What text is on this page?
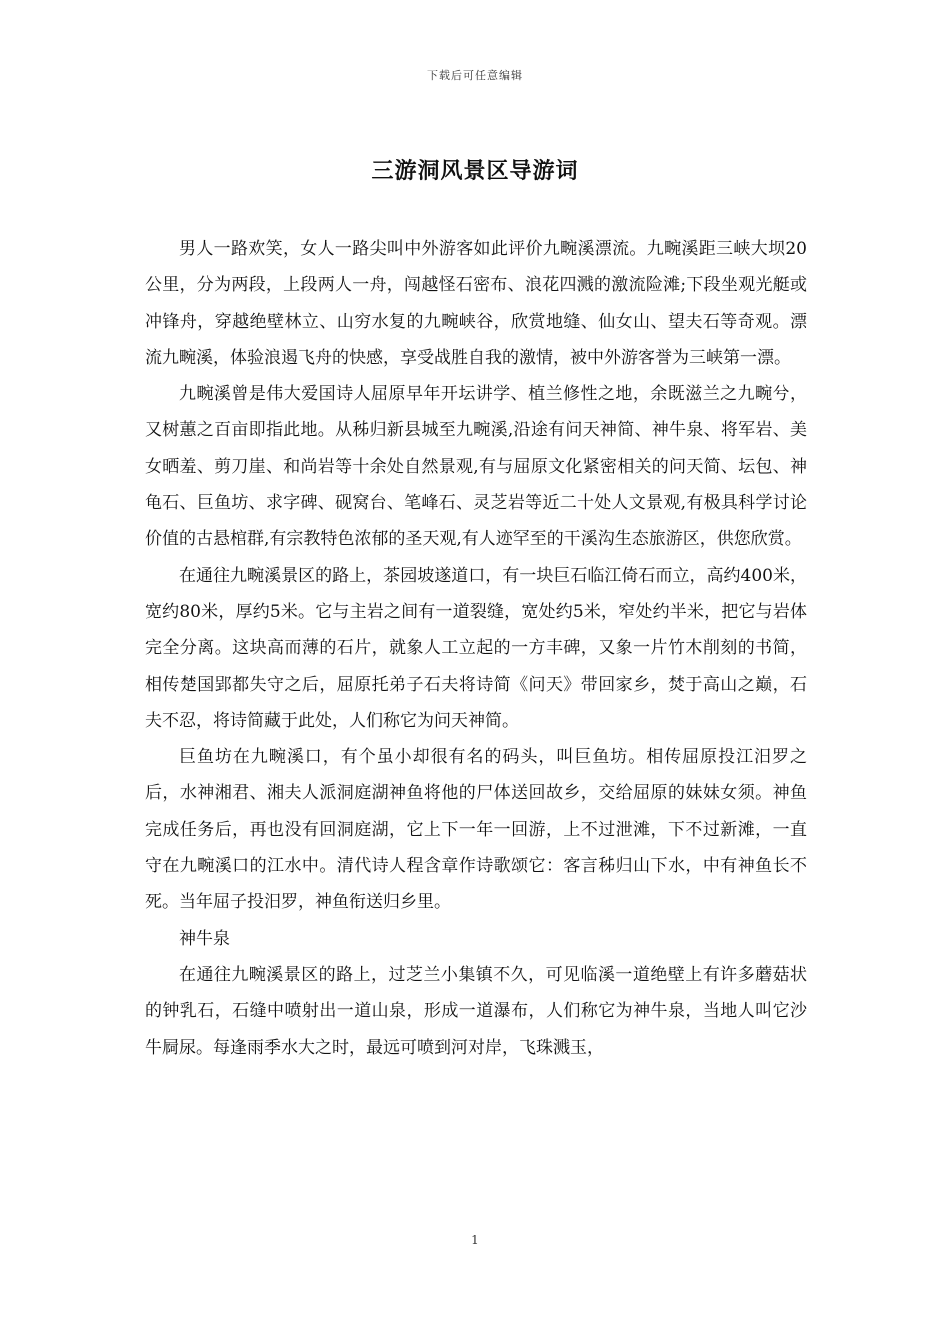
下载后可任意编辑
三游洞风景区导游词

男人一路欢笑，女人一路尖叫中外游客如此评价九畹溪漂流。九畹溪距三峡大坝20公里，分为两段，上段两人一舟，闯越怪石密布、浪花四溅的激流险滩;下段坐观光艇或冲锋舟，穿越绝壁林立、山穷水复的九畹峡谷，欣赏地缝、仙女山、望夫石等奇观。漂流九畹溪，体验浪遏飞舟的快感，享受战胜自我的激情，被中外游客誉为三峡第一漂。

九畹溪曾是伟大爱国诗人屈原早年开坛讲学、植兰修性之地，余既滋兰之九畹兮，又树蕙之百亩即指此地。从秭归新县城至九畹溪,沿途有问天神简、神牛泉、将军岩、美女晒羞、剪刀崖、和尚岩等十余处自然景观,有与屈原文化紧密相关的问天简、坛包、神龟石、巨鱼坊、求字碑、砚窝台、笔峰石、灵芝岩等近二十处人文景观,有极具科学讨论价值的古悬棺群,有宗教特色浓郁的圣天观,有人迹罕至的干溪沟生态旅游区，供您欣赏。

在通往九畹溪景区的路上，茶园坡遂道口，有一块巨石临江倚石而立，高约400米，宽约80米，厚约5米。它与主岩之间有一道裂缝，宽处约5米，窄处约半米，把它与岩体完全分离。这块高而薄的石片，就象人工立起的一方丰碑，又象一片竹木削刻的书简，相传楚国郢都失守之后，屈原托弟子石夫将诗简《问天》带回家乡，焚于高山之巅，石夫不忍，将诗简藏于此处，人们称它为问天神简。

巨鱼坊在九畹溪口，有个虽小却很有名的码头，叫巨鱼坊。相传屈原投江汨罗之后，水神湘君、湘夫人派洞庭湖神鱼将他的尸体送回故乡，交给屈原的妹妹女须。神鱼完成任务后，再也没有回洞庭湖，它上下一年一回游，上不过泄滩，下不过新滩，一直守在九畹溪口的江水中。清代诗人程含章作诗歌颂它：客言秭归山下水，中有神鱼长不死。当年屈子投汨罗，神鱼衔送归乡里。

神牛泉

在通往九畹溪景区的路上，过芝兰小集镇不久，可见临溪一道绝壁上有许多蘑菇状的钟乳石，石缝中喷射出一道山泉，形成一道瀑布，人们称它为神牛泉，当地人叫它沙牛屙尿。每逢雨季水大之时，最远可喷到河对岸，飞珠溅玉，

1
